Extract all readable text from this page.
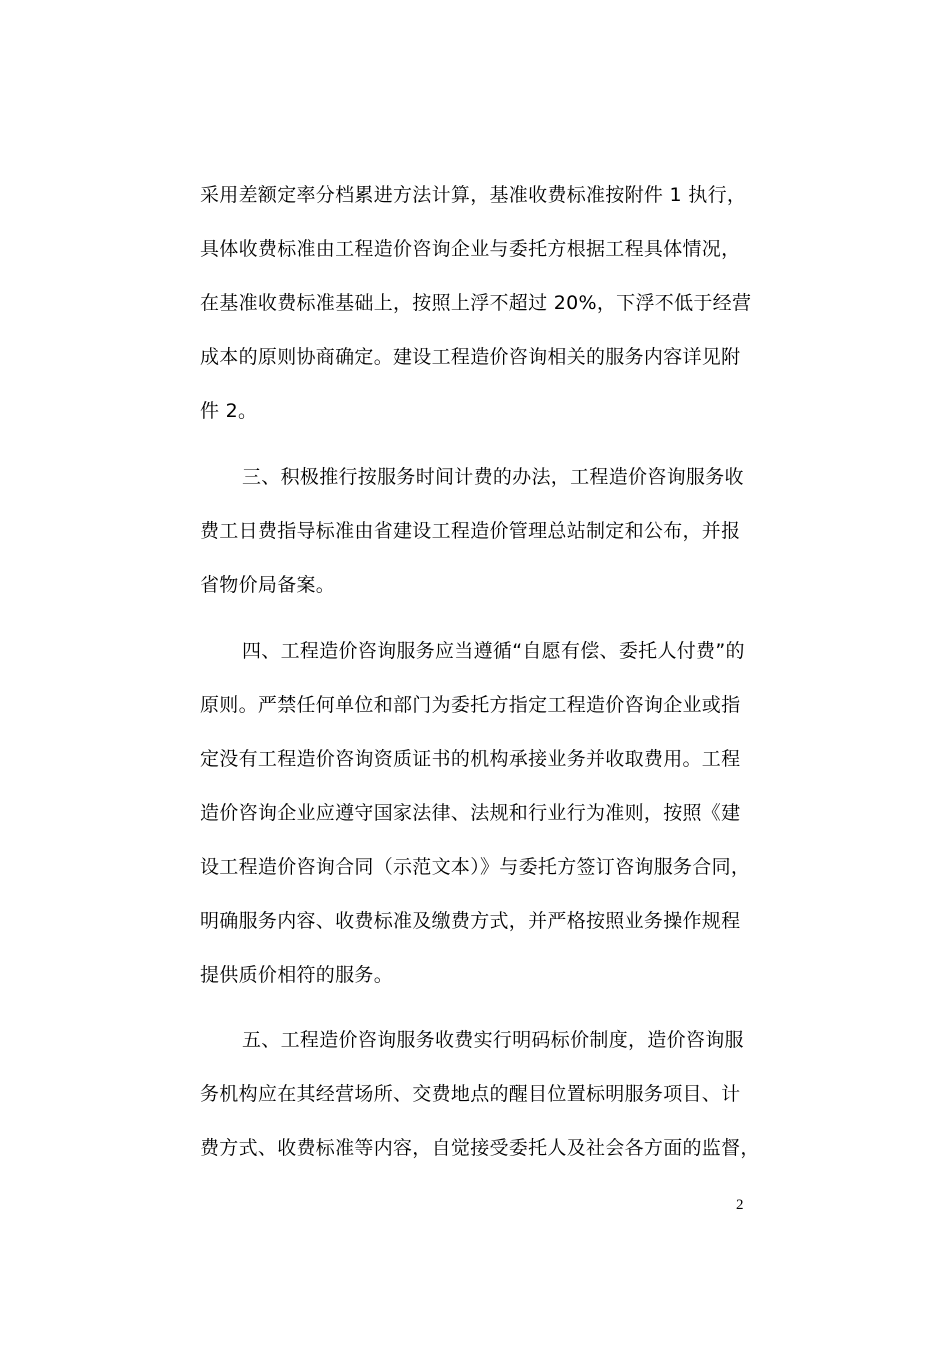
采用差额定率分档累进方法计算，基准收费标准按附件 1 执行，
具体收费标准由工程造价咨询企业与委托方根据工程具体情况，
在基准收费标准基础上，按照上浮不超过 20%，下浮不低于经营
成本的原则协商确定。建设工程造价咨询相关的服务内容详见附
件 2。
三、积极推行按服务时间计费的办法，工程造价咨询服务收
费工日费指导标准由省建设工程造价管理总站制定和公布，并报
省物价局备案。
四、工程造价咨询服务应当遵循“自愿有偿、委托人付费”的
原则。严禁任何单位和部门为委托方指定工程造价咨询企业或指
定没有工程造价咨询资质证书的机构承接业务并收取费用。工程
造价咨询企业应遵守国家法律、法规和行业行为准则，按照《建
设工程造价咨询合同（示范文本）》与委托方签订咨询服务合同，
明确服务内容、收费标准及缴费方式，并严格按照业务操作规程
提供质价相符的服务。
五、工程造价咨询服务收费实行明码标价制度，造价咨询服
务机构应在其经营场所、交费地点的醒目位置标明服务项目、计
费方式、收费标准等内容，自觉接受委托人及社会各方面的监督，
2
